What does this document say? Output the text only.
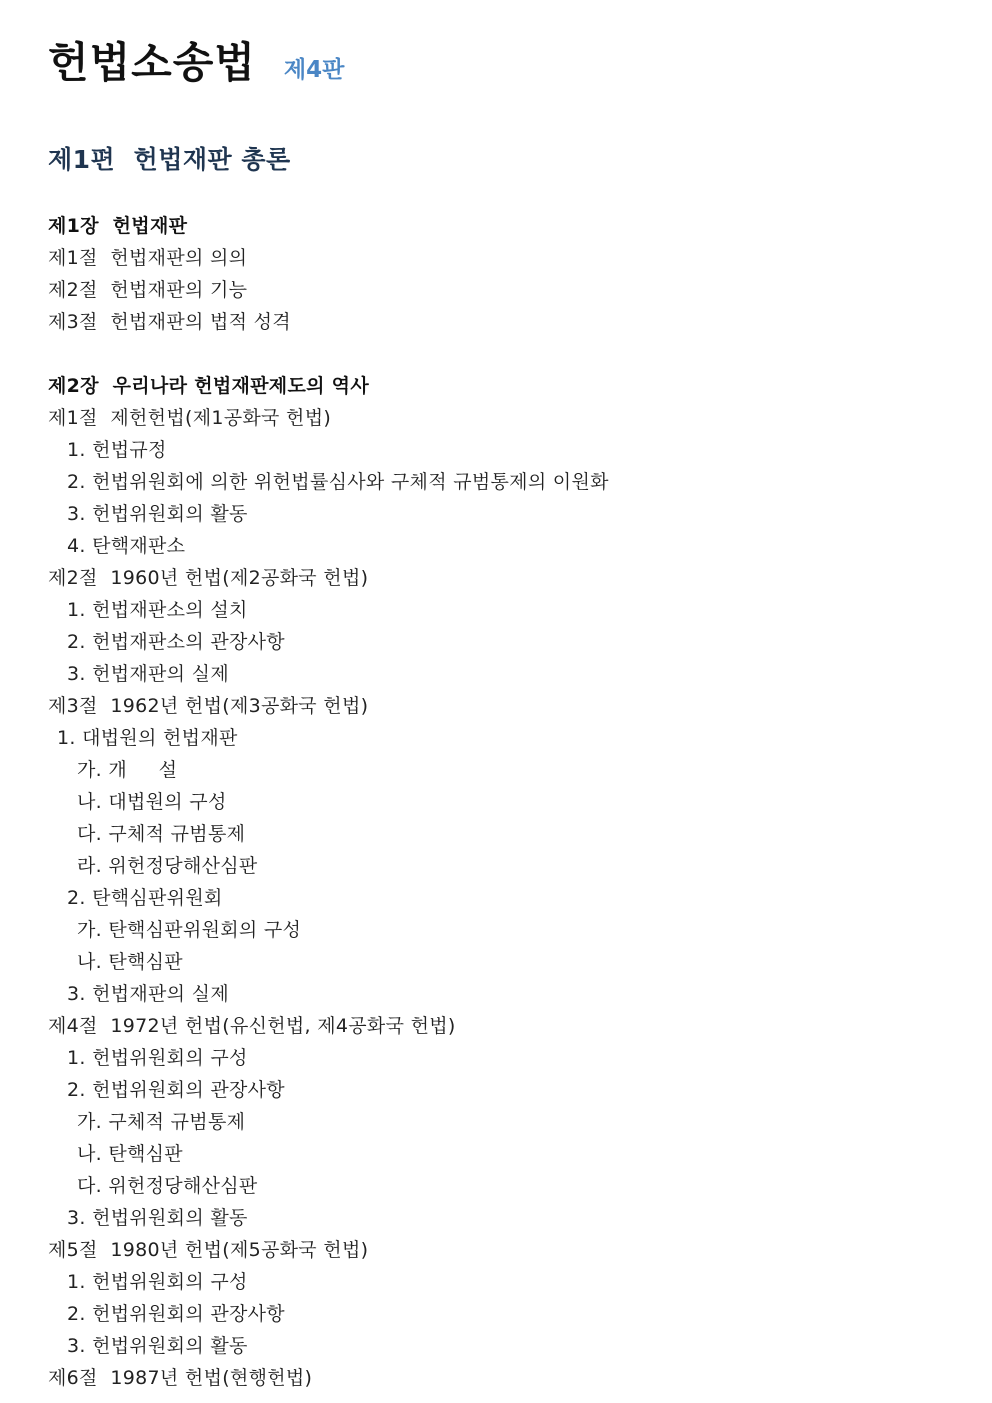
헌법소송법 제4판
제1편  헌법재판 총론
제1장  헌법재판
제1절  헌법재판의 의의
제2절  헌법재판의 기능
제3절  헌법재판의 법적 성격
제2장  우리나라 헌법재판제도의 역사
제1절  제헌헌법(제1공화국 헌법)
1. 헌법규정
2. 헌법위원회에 의한 위헌법률심사와 구체적 규범통제의 이원화
3. 헌법위원회의 활동
4. 탄핵재판소
제2절  1960년 헌법(제2공화국 헌법)
1. 헌법재판소의 설치
2. 헌법재판소의 관장사항
3. 헌법재판의 실제
제3절  1962년 헌법(제3공화국 헌법)
1. 대법원의 헌법재판
가. 개     설
나. 대법원의 구성
다. 구체적 규범통제
라. 위헌정당해산심판
2. 탄핵심판위원회
가. 탄핵심판위원회의 구성
나. 탄핵심판
3. 헌법재판의 실제
제4절  1972년 헌법(유신헌법, 제4공화국 헌법)
1. 헌법위원회의 구성
2. 헌법위원회의 관장사항
가. 구체적 규범통제
나. 탄핵심판
다. 위헌정당해산심판
3. 헌법위원회의 활동
제5절  1980년 헌법(제5공화국 헌법)
1. 헌법위원회의 구성
2. 헌법위원회의 관장사항
3. 헌법위원회의 활동
제6절  1987년 헌법(현행헌법)
